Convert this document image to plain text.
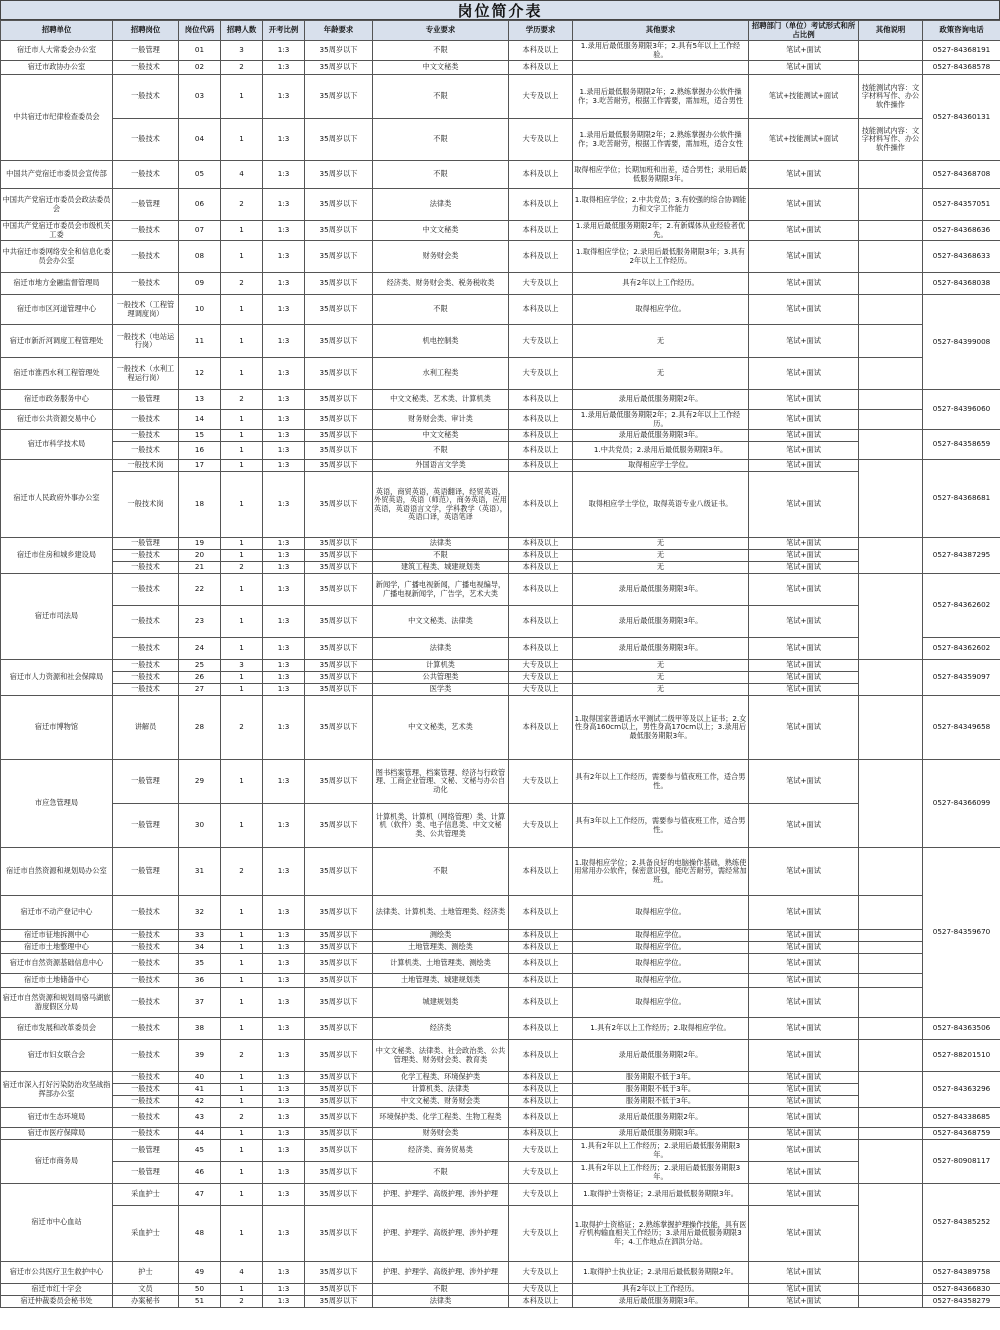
岗位简介表
招聘单位	招聘岗位	岗位代码	招聘人数	开考比例	年龄要求	专业要求	学历要求	其他要求	招聘部门（单位）考试形式和所占比例	其他说明	政策咨询电话
宿迁市人大常委会办公室	一般管理	01	3	1:3	35周岁以下	不限	本科及以上	1.录用后最低服务期限3年；2.具有5年以上工作经验。	笔试+面试		0527-84368191
宿迁市政协办公室	一般技术	02	2	1:3	35周岁以下	中文文秘类	本科及以上		笔试+面试		0527-84368578
中共宿迁市纪律检查委员会	一般技术	03	1	1:3	35周岁以下	不限	大专及以上	1.录用后最低服务期限2年；2.熟练掌握办公软件操作；3.吃苦耐劳，根据工作需要，需加班，适合男性	笔试+技能测试+面试	技能测试内容：文字材料写作、办公软件操作	0527-84360131
	一般技术	04	1	1:3	35周岁以下	不限	大专及以上	1.录用后最低服务期限2年；2.熟练掌握办公软件操作；3.吃苦耐劳，根据工作需要，需加班，适合女性	笔试+技能测试+面试	技能测试内容：文字材料写作、办公软件操作	
中国共产党宿迁市委员会宣传部	一般技术	05	4	1:3	35周岁以下	不限	本科及以上	取得相应学位；长期加班和出差，适合男性；录用后最低服务期限3年。	笔试+面试		0527-84368708
中国共产党宿迁市委员会政法委员会	一般管理	06	2	1:3	35周岁以下	法律类	本科及以上	1.取得相应学位；2.中共党员；3.有较强的综合协调能力和文字工作能力	笔试+面试		0527-84357051
中国共产党宿迁市委员会市级机关工委	一般技术	07	1	1:3	35周岁以下	中文文秘类	本科及以上	1.录用后最低服务期限2年；2.有新媒体从业经验者优先。	笔试+面试		0527-84368636
中共宿迁市委网络安全和信息化委员会办公室	一般技术	08	1	1:3	35周岁以下	财务财会类	本科及以上	1.取得相应学位；2.录用后最低服务期限3年；3.具有2年以上工作经历。	笔试+面试		0527-84368633
宿迁市地方金融监督管理局	一般技术	09	2	1:3	35周岁以下	经济类、财务财会类、税务税收类	大专及以上	具有2年以上工作经历。	笔试+面试		0527-84368038
宿迁市市区河道管理中心	一般技术（工程管理调度岗）	10	1	1:3	35周岁以下	不限	本科及以上	取得相应学位。	笔试+面试		0527-84399008
宿迁市新沂河调度工程管理处	一般技术（电站运行岗）	11	1	1:3	35周岁以下	机电控制类	大专及以上	无	笔试+面试		
宿迁市淮西水利工程管理处	一般技术（水利工程运行岗）	12	1	1:3	35周岁以下	水利工程类	大专及以上	无	笔试+面试		
宿迁市政务服务中心	一般管理	13	2	1:3	35周岁以下	中文文秘类、艺术类、计算机类	本科及以上	录用后最低服务期限2年。	笔试+面试		0527-84396060
宿迁市公共资源交易中心	一般技术	14	1	1:3	35周岁以下	财务财会类、审计类	本科及以上	1.录用后最低服务期限2年；2.具有2年以上工作经历。	笔试+面试		
宿迁市科学技术局	一般技术	15	1	1:3	35周岁以下	中文文秘类	本科及以上	录用后最低服务期限3年。	笔试+面试		0527-84358659
	一般技术	16	1	1:3	35周岁以下	不限	本科及以上	1.中共党员；2.录用后最低服务期限3年。	笔试+面试		
宿迁市人民政府外事办公室	一般技术岗	17	1	1:3	35周岁以下	外国语言文学类	本科及以上	取得相应学士学位。	笔试+面试		0527-84368681
	一般技术岗	18	1	1:3	35周岁以下	英语，商贸英语，英语翻译，经贸英语，外贸英语，英语（师范），商务英语，应用英语，英语语言文学，学科教学（英语），英语口译，英语笔译	本科及以上	取得相应学士学位，取得英语专业八级证书。	笔试+面试		
宿迁市住房和城乡建设局	一般管理	19	1	1:3	35周岁以下	法律类	本科及以上	无	笔试+面试		0527-84387295
	一般技术	20	1	1:3	35周岁以下	不限	本科及以上	无	笔试+面试		
	一般技术	21	2	1:3	35周岁以下	建筑工程类、城建规划类	本科及以上	无	笔试+面试		
宿迁市司法局	一般技术	22	1	1:3	35周岁以下	新闻学，广播电视新闻，广播电视编导，广播电视新闻学，广告学，艺术大类	本科及以上	录用后最低服务期限3年。	笔试+面试		0527-84362602
	一般技术	23	1	1:3	35周岁以下	中文文秘类、法律类	本科及以上	录用后最低服务期限3年。	笔试+面试		
	一般技术	24	1	1:3	35周岁以下	法律类	本科及以上	录用后最低服务期限3年。	笔试+面试		0527-84362602
宿迁市人力资源和社会保障局	一般技术	25	3	1:3	35周岁以下	计算机类	大专及以上	无	笔试+面试		0527-84359097
	一般技术	26	1	1:3	35周岁以下	公共管理类	大专及以上	无	笔试+面试		
	一般技术	27	1	1:3	35周岁以下	医学类	大专及以上	无	笔试+面试		
宿迁市博物馆	讲解员	28	2	1:3	35周岁以下	中文文秘类，艺术类	本科及以上	1.取得国家普通话水平测试二级甲等及以上证书；2.女性身高160cm以上，男性身高170cm以上；3.录用后最低服务期限3年。	笔试+面试		0527-84349658
市应急管理局	一般管理	29	1	1:3	35周岁以下	图书档案管理、档案管理、经济与行政管理、工商企业管理、文秘、文秘与办公自动化	大专及以上	具有2年以上工作经历，需要参与值夜班工作，适合男性。	笔试+面试		0527-84366099
	一般管理	30	1	1:3	35周岁以下	计算机类、计算机（网络管理）类、计算机（软件）类、电子信息类、中文文秘类、公共管理类	大专及以上	具有3年以上工作经历，需要参与值夜班工作，适合男性。	笔试+面试		
宿迁市自然资源和规划局办公室	一般管理	31	2	1:3	35周岁以下	不限	本科及以上	1.取得相应学位；2.具备良好的电脑操作基础，熟练使用常用办公软件，保密意识强，能吃苦耐劳，需经常加班。	笔试+面试		0527-84359670
宿迁市不动产登记中心	一般技术	32	1	1:3	35周岁以下	法律类、计算机类、土地管理类、经济类	本科及以上	取得相应学位。	笔试+面试		
宿迁市征地拆测中心	一般技术	33	1	1:3	35周岁以下	测绘类	本科及以上	取得相应学位。	笔试+面试		
宿迁市土地整理中心	一般技术	34	1	1:3	35周岁以下	土地管理类、测绘类	本科及以上	取得相应学位。	笔试+面试		
宿迁市自然资源基础信息中心	一般技术	35	1	1:3	35周岁以下	计算机类、土地管理类、测绘类	本科及以上	取得相应学位。	笔试+面试		
宿迁市土地储备中心	一般技术	36	1	1:3	35周岁以下	土地管理类、城建规划类	本科及以上	取得相应学位。	笔试+面试		
宿迁市自然资源和规划局骆马湖旅游度假区分局	一般技术	37	1	1:3	35周岁以下	城建规划类	本科及以上	取得相应学位。	笔试+面试		
宿迁市发展和改革委员会	一般技术	38	1	1:3	35周岁以下	经济类	本科及以上	1.具有2年以上工作经历；2.取得相应学位。	笔试+面试		0527-84363506
宿迁市妇女联合会	一般技术	39	2	1:3	35周岁以下	中文文秘类、法律类、社会政治类、公共管理类、财务财会类、教育类	本科及以上	录用后最低服务期限2年。	笔试+面试		0527-88201510
宿迁市深入打好污染防治攻坚战指挥部办公室	一般技术	40	1	1:3	35周岁以下	化学工程类、环境保护类	本科及以上	服务期限不低于3年。	笔试+面试		0527-84363296
	一般技术	41	1	1:3	35周岁以下	计算机类、法律类	本科及以上	服务期限不低于3年。	笔试+面试		
	一般技术	42	1	1:3	35周岁以下	中文文秘类、财务财会类	本科及以上	服务期限不低于3年。	笔试+面试		
宿迁市生态环境局	一般技术	43	2	1:3	35周岁以下	环境保护类、化学工程类、生物工程类	本科及以上	录用后最低服务期限2年。	笔试+面试		0527-84338685
宿迁市医疗保障局	一般技术	44	1	1:3	35周岁以下	财务财会类	本科及以上	录用后最低服务期限3年。	笔试+面试		0527-84368759
宿迁市商务局	一般管理	45	1	1:3	35周岁以下	经济类、商务贸易类	大专及以上	1.具有2年以上工作经历；2.录用后最低服务期限3年。	笔试+面试		0527-80908117
	一般管理	46	1	1:3	35周岁以下	不限	大专及以上	1.具有2年以上工作经历；2.录用后最低服务期限3年。	笔试+面试		
宿迁市中心血站	采血护士	47	1	1:3	35周岁以下	护理、护理学、高级护理、涉外护理	大专及以上	1.取得护士资格证；2.录用后最低服务期限3年。	笔试+面试		0527-84385252
	采血护士	48	1	1:3	35周岁以下	护理、护理学、高级护理、涉外护理	大专及以上	1.取得护士资格证；2.熟练掌握护理操作技能，具有医疗机构输血相关工作经历；3.录用后最低服务期限3年；4.工作地点在泗洪分站。	笔试+面试		
宿迁市公共医疗卫生救护中心	护士	49	4	1:3	35周岁以下	护理、护理学、高级护理、涉外护理	大专及以上	1.取得护士执业证；2.录用后最低服务期限2年。	笔试+面试		0527-84389758
宿迁市红十字会	文员	50	1	1:3	35周岁以下	不限	大专及以上	具有2年以上工作经历。	笔试+面试		0527-84366830
宿迁仲裁委员会秘书处	办案秘书	51	2	1:3	35周岁以下	法律类	本科及以上	录用后最低服务期限3年。	笔试+面试		0527-84358279
